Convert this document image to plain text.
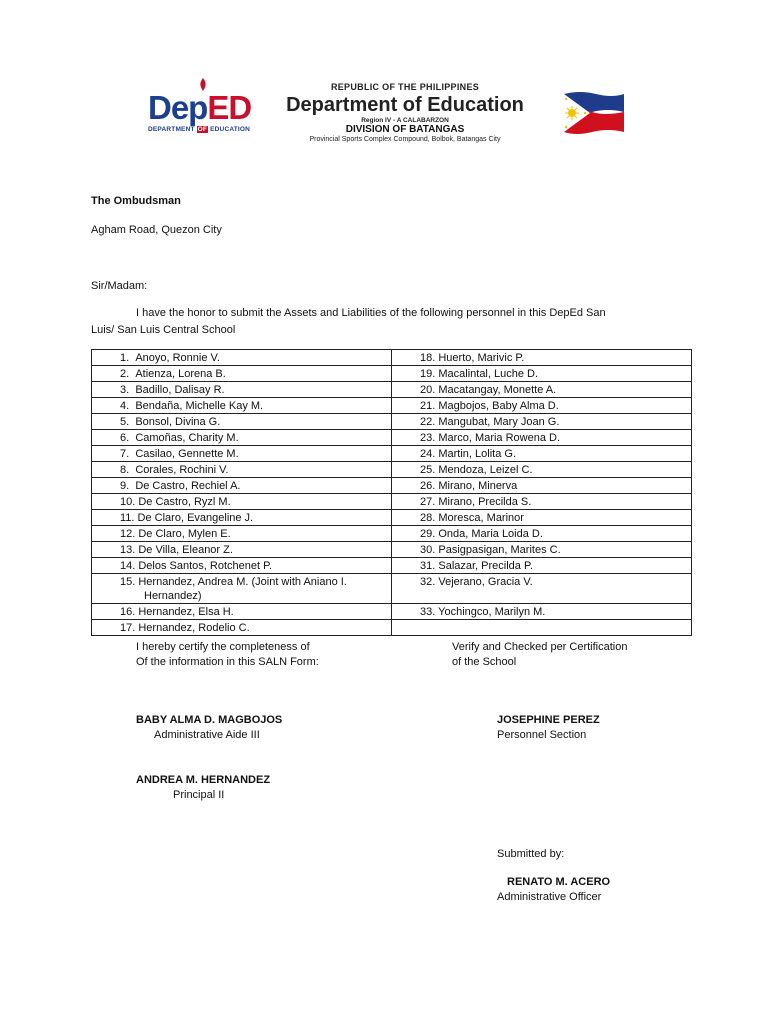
DepED
DEPARTMENT OF EDUCATION
REPUBLIC OF THE PHILIPPINES
Department of Education
Region IV - A CALABARZON
DIVISION OF BATANGAS
Provincial Sports Complex Compound, Bolbok, Batangas City
The Ombudsman
Agham Road, Quezon City
Sir/Madam:
I have the honor to submit the Assets and Liabilities of the following personnel in this DepEd San
Luis/ San Luis Central School
1. Anoyo, Ronnie V.	18. Huerto, Marivic P.
2. Atienza, Lorena B.	19. Macalintal, Luche D.
3. Badillo, Dalisay R.	20. Macatangay, Monette A.
4. Bendaña, Michelle Kay M.	21. Magbojos, Baby Alma D.
5. Bonsol, Divina G.	22. Mangubat, Mary Joan G.
6. Camoñas, Charity M.	23. Marco, Maria Rowena D.
7. Casilao, Gennette M.	24. Martin, Lolita G.
8. Corales, Rochini V.	25. Mendoza, Leizel C.
9. De Castro, Rechiel A.	26. Mirano, Minerva
10. De Castro, Ryzl M.	27. Mirano, Precilda S.
11. De Claro, Evangeline J.	28. Moresca, Marinor
12. De Claro, Mylen E.	29. Onda, Maria Loida D.
13. De Villa, Eleanor Z.	30. Pasigpasigan, Marites C.
14. Delos Santos, Rotchenet P.	31. Salazar, Precilda P.
15. Hernandez, Andrea M. (Joint with Aniano I.
Hernandez)	32. Vejerano, Gracia V.
16. Hernandez, Elsa H.	33. Yochingco, Marilyn M.
17. Hernandez, Rodelio C.	
I hereby certify the completeness of
Of the information in this SALN Form:
Verify and Checked per Certification
of the School
BABY ALMA D. MAGBOJOS
Administrative Aide III
JOSEPHINE PEREZ
Personnel Section
ANDREA M. HERNANDEZ
Principal II
Submitted by:
RENATO M. ACERO
Administrative Officer
